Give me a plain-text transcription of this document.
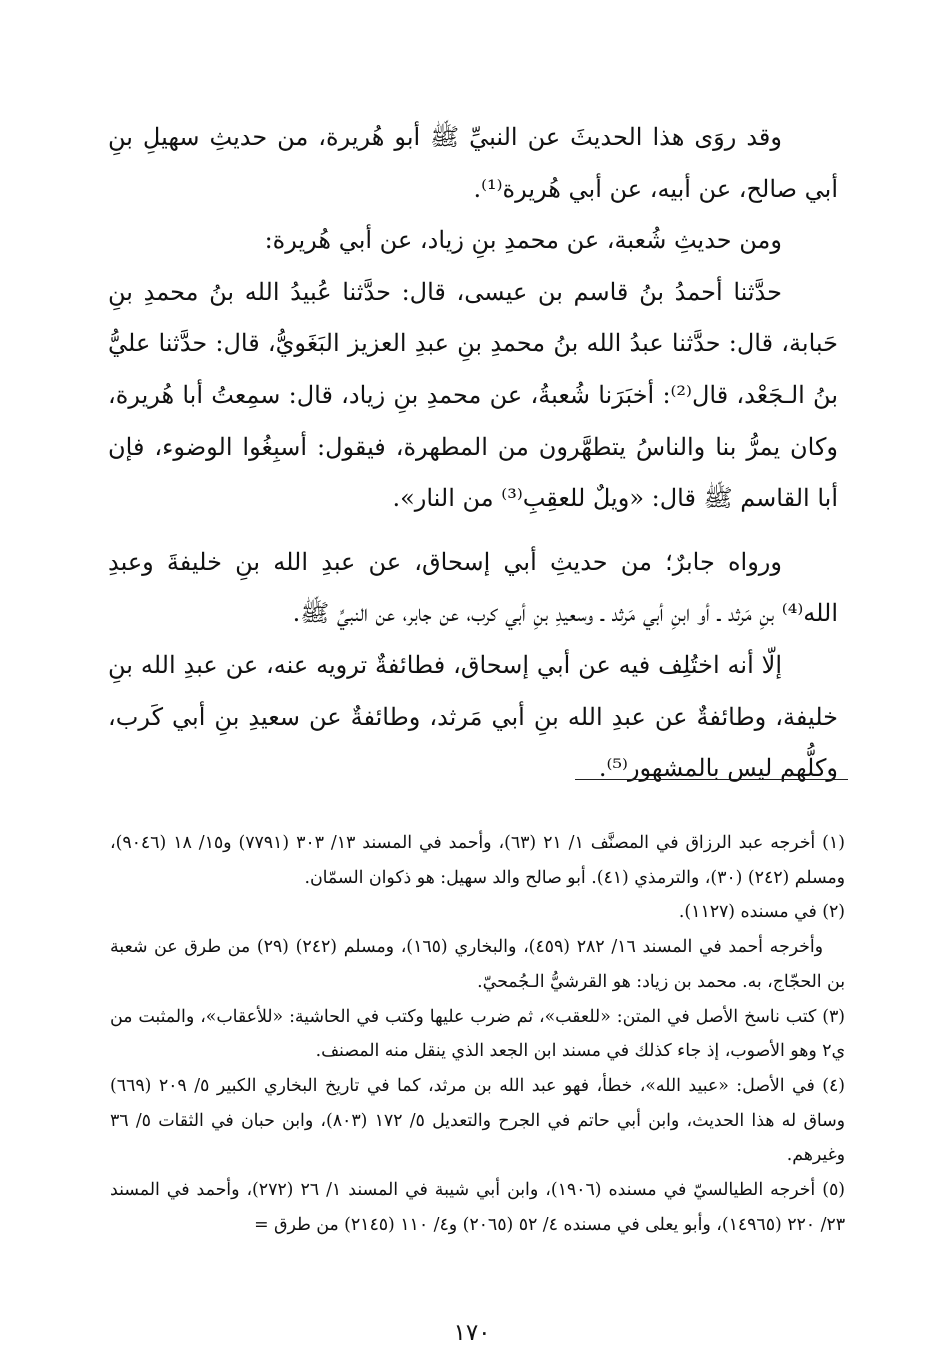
وقد روَى هذا الحديثَ عن النبيِّ ﷺ أبو هُريرة، من حديثِ سهيلِ بنِ أبي صالح، عن أبيه، عن أبي هُريرة⁽¹⁾.

ومن حديثِ شُعبة، عن محمدِ بنِ زياد، عن أبي هُريرة:

حدَّثنا أحمدُ بنُ قاسم بن عيسى، قال: حدَّثنا عُبيدُ الله بنُ محمدِ بنِ حَبابة، قال: حدَّثنا عبدُ الله بنُ محمدِ بنِ عبدِ العزيز البَغَويُّ، قال: حدَّثنا عليُّ بنُ الـجَعْد، قال⁽²⁾: أخبَرَنا شُعبةُ، عن محمدِ بنِ زياد، قال: سمِعتُ أبا هُريرة، وكان يمرُّ بنا والناسُ يتطهَّرون من المطهرة، فيقول: أسبِغُوا الوضوء، فإن أبا القاسم ﷺ قال: «ويلٌ للعقِبِ⁽³⁾ من النار».

ورواه جابرٌ؛ من حديثِ أبي إسحاق، عن عبدِ الله بنِ خليفةَ وعبدِ الله⁽⁴⁾ بنِ مَرثد ـ أو ابنِ أبي مَرثد ـ وسعيدِ بنِ أبي كرب، عن جابر، عن النبيِّ ﷺ.

إلّا أنه اختُلِف فيه عن أبي إسحاق، فطائفةٌ ترويه عنه، عن عبدِ الله بنِ خليفة، وطائفةٌ عن عبدِ الله بنِ أبي مَرثد، وطائفةٌ عن سعيدِ بنِ أبي كَرب، وكلُّهم ليس بالمشهور⁽⁵⁾.

(١) أخرجه عبد الرزاق في المصنَّف ١/ ٢١ (٦٣)، وأحمد في المسند ١٣/ ٣٠٣ (٧٧٩١) و١٥/ ١٨ (٩٠٤٦)، ومسلم (٢٤٢) (٣٠)، والترمذي (٤١). أبو صالح والد سهيل: هو ذكوان السمّان.

(٢) في مسنده (١١٢٧).

وأخرجه أحمد في المسند ١٦/ ٢٨٢ (٤٥٩)، والبخاري (١٦٥)، ومسلم (٢٤٢) (٢٩) من طرق عن شعبة بن الحجّاج، به. محمد بن زياد: هو القرشيُّ الـجُمحيّ.

(٣) كتب ناسخ الأصل في المتن: «للعقب»، ثم ضرب عليها وكتب في الحاشية: «للأعقاب»، والمثبت من ي٢ وهو الأصوب، إذ جاء كذلك في مسند ابن الجعد الذي ينقل منه المصنف.

(٤) في الأصل: «عبيد الله»، خطأ، فهو عبد الله بن مرثد، كما في تاريخ البخاري الكبير ٥/ ٢٠٩ (٦٦٩) وساق له هذا الحديث، وابن أبي حاتم في الجرح والتعديل ٥/ ١٧٢ (٨٠٣)، وابن حبان في الثقات ٥/ ٣٦ وغيرهم.

(٥) أخرجه الطيالسيّ في مسنده (١٩٠٦)، وابن أبي شيبة في المسند ١/ ٢٦ (٢٧٢)، وأحمد في المسند ٢٣/ ٢٢٠ (١٤٩٦٥)، وأبو يعلى في مسنده ٤/ ٥٢ (٢٠٦٥) و٤/ ١١٠ (٢١٤٥) من طرق =

١٧٠
